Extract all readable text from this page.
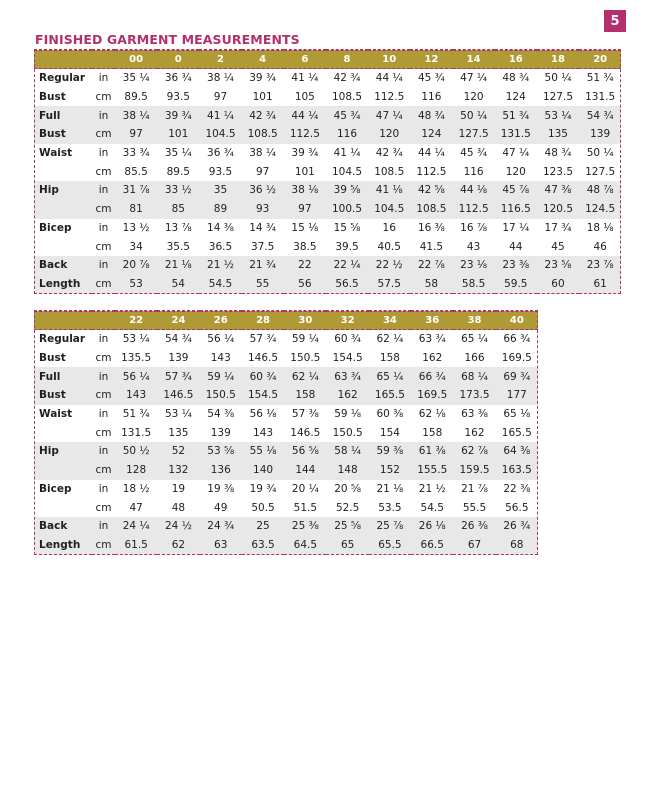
5
FINISHED GARMENT MEASUREMENTS

		00	0	2	4	6	8	10	12	14	16	18	20
Regular	in	35 ¼	36 ¾	38 ¼	39 ¾	41 ¼	42 ¾	44 ¼	45 ¾	47 ¼	48 ¾	50 ¼	51 ¾
Bust	cm	89.5	93.5	97	101	105	108.5	112.5	116	120	124	127.5	131.5
Full	in	38 ¼	39 ¾	41 ¼	42 ¾	44 ¼	45 ¾	47 ¼	48 ¾	50 ¼	51 ¾	53 ¼	54 ¾
Bust	cm	97	101	104.5	108.5	112.5	116	120	124	127.5	131.5	135	139
Waist	in	33 ¾	35 ¼	36 ¾	38 ¼	39 ¾	41 ¼	42 ¾	44 ¼	45 ¾	47 ¼	48 ¾	50 ¼
	cm	85.5	89.5	93.5	97	101	104.5	108.5	112.5	116	120	123.5	127.5
Hip	in	31 ⅞	33 ½	35	36 ½	38 ⅛	39 ⅝	41 ⅛	42 ⅝	44 ⅛	45 ⅞	47 ⅜	48 ⅞
	cm	81	85	89	93	97	100.5	104.5	108.5	112.5	116.5	120.5	124.5
Bicep	in	13 ½	13 ⅞	14 ⅜	14 ¾	15 ⅛	15 ⅝	16	16 ⅜	16 ⅞	17 ¼	17 ¾	18 ⅛
	cm	34	35.5	36.5	37.5	38.5	39.5	40.5	41.5	43	44	45	46
Back	in	20 ⅞	21 ⅛	21 ½	21 ¾	22	22 ¼	22 ½	22 ⅞	23 ⅛	23 ⅜	23 ⅝	23 ⅞
Length	cm	53	54	54.5	55	56	56.5	57.5	58	58.5	59.5	60	61

		22	24	26	28	30	32	34	36	38	40
Regular	in	53 ¼	54 ¾	56 ¼	57 ¾	59 ¼	60 ¾	62 ¼	63 ¾	65 ¼	66 ¾
Bust	cm	135.5	139	143	146.5	150.5	154.5	158	162	166	169.5
Full	in	56 ¼	57 ¾	59 ¼	60 ¾	62 ¼	63 ¾	65 ¼	66 ¾	68 ¼	69 ¾
Bust	cm	143	146.5	150.5	154.5	158	162	165.5	169.5	173.5	177
Waist	in	51 ¾	53 ¼	54 ⅜	56 ⅛	57 ⅜	59 ⅛	60 ⅜	62 ⅛	63 ⅜	65 ⅛
	cm	131.5	135	139	143	146.5	150.5	154	158	162	165.5
Hip	in	50 ½	52	53 ⅝	55 ⅛	56 ⅝	58 ¼	59 ⅜	61 ⅜	62 ⅞	64 ⅜
	cm	128	132	136	140	144	148	152	155.5	159.5	163.5
Bicep	in	18 ½	19	19 ⅜	19 ¾	20 ¼	20 ⅝	21 ⅛	21 ½	21 ⅞	22 ⅜
	cm	47	48	49	50.5	51.5	52.5	53.5	54.5	55.5	56.5
Back	in	24 ¼	24 ½	24 ¾	25	25 ⅜	25 ⅝	25 ⅞	26 ⅛	26 ⅜	26 ¾
Length	cm	61.5	62	63	63.5	64.5	65	65.5	66.5	67	68
